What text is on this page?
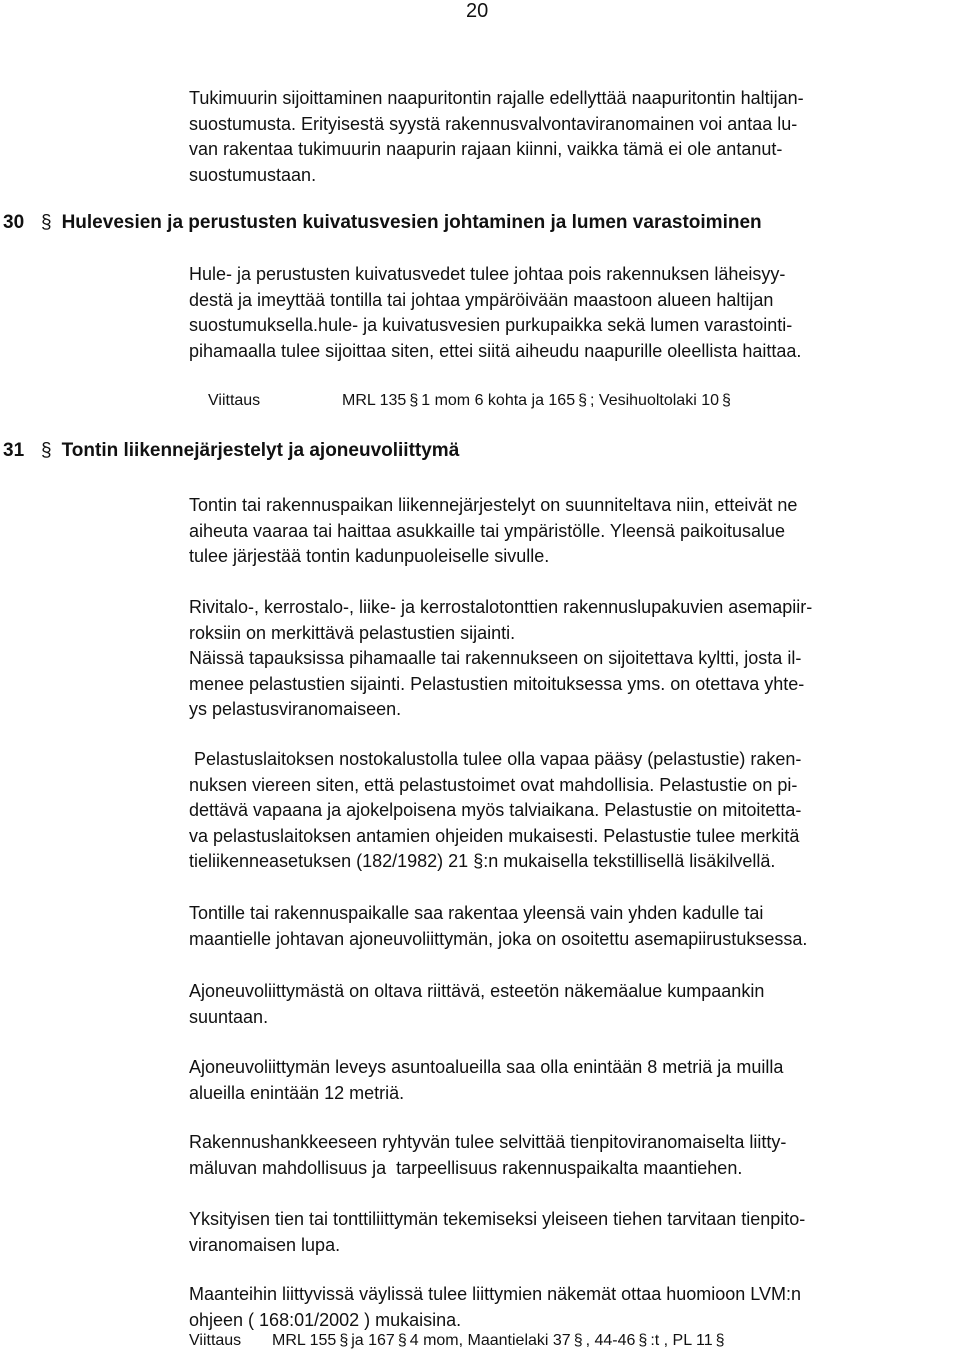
20
Tukimuurin sijoittaminen naapuritontin rajalle edellyttää naapuritontin haltijan-
suostumusta. Erityisestä syystä rakennusvalvontaviranomainen voi antaa lu-
van rakentaa tukimuurin naapurin rajaan kiinni, vaikka tämä ei ole antanut-
suostumustaan.
30 § Hulevesien ja perustusten kuivatusvesien johtaminen ja lumen varastoiminen
Hule- ja perustusten kuivatusvedet tulee johtaa pois rakennuksen läheisyy-
destä ja imeyttää tontilla tai johtaa ympäröivään maastoon alueen haltijan
suostumuksella.hule- ja kuivatusvesien purkupaikka sekä lumen varastointi-
pihamaalla tulee sijoittaa siten, ettei siitä aiheudu naapurille oleellista haittaa.
Viittaus	MRL 135 § 1 mom 6 kohta ja 165 § ; Vesihuoltolaki 10 §
31 § Tontin liikennejärjestelyt ja ajoneuvoliittymä
Tontin tai rakennuspaikan liikennejärjestelyt on suunniteltava niin, etteivät ne
aiheuta vaaraa tai haittaa asukkaille tai ympäristölle. Yleensä paikoitusalue
tulee järjestää tontin kadunpuoleiselle sivulle.
Rivitalo-, kerrostalo-, liike- ja kerrostalotonttien rakennuslupakuvien asemapiir-
roksiin on merkittävä pelastustien sijainti.
Näissä tapauksissa pihamaalle tai rakennukseen on sijoitettava kyltti, josta il-
menee pelastustien sijainti. Pelastustien mitoituksessa yms. on otettava yhte-
ys pelastusviranomaiseen.
Pelastuslaitoksen nostokalustolla tulee olla vapaa pääsy (pelastustie) raken-
nuksen viereen siten, että pelastustoimet ovat mahdollisia. Pelastustie on pi-
dettävä vapaana ja ajokelpoisena myös talviaikana. Pelastustie on mitoitetta-
va pelastuslaitoksen antamien ohjeiden mukaisesti. Pelastustie tulee merkitä
tieliikenneasetuksen (182/1982) 21 §:n mukaisella tekstillisellä lisäkilvellä.
Tontille tai rakennuspaikalle saa rakentaa yleensä vain yhden kadulle tai
maantielle johtavan ajoneuvoliittymän, joka on osoitettu asemapiirustuksessa.
Ajoneuvoliittymästä on oltava riittävä, esteetön näkemäalue kumpaankin
suuntaan.
Ajoneuvoliittymän leveys asuntoalueilla saa olla enintään 8 metriä ja muilla
alueilla enintään 12 metriä.
Rakennushankkeeseen ryhtyvän tulee selvittää tienpitoviranomaiselta liitty-
mäluvan mahdollisuus ja  tarpeellisuus rakennuspaikalta maantiehen.
Yksityisen tien tai tonttiliittymän tekemiseksi yleiseen tiehen tarvitaan tienpito-
viranomaisen lupa.
Maanteihin liittyvissä väylissä tulee liittymien näkemät ottaa huomioon LVM:n
ohjeen ( 168:01/2002 ) mukaisina.
Viittaus MRL 155 § ja 167 § 4 mom, Maantielaki 37 § , 44-46 § :t , PL 11 §
